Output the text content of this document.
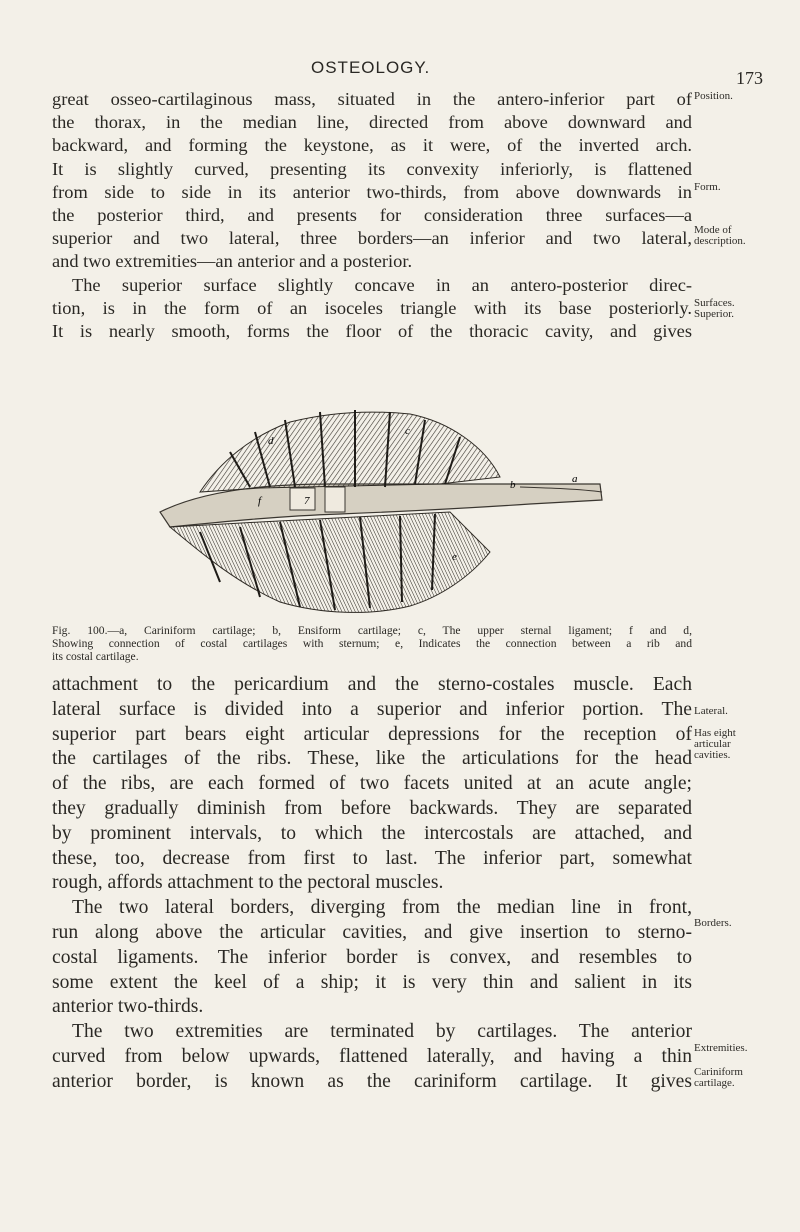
OSTEOLOGY.
173
great osseo-cartilaginous mass, situated in the antero-inferior part of
the thorax, in the median line, directed from above downward and
backward, and forming the keystone, as it were, of the inverted arch.
It is slightly curved, presenting its convexity inferiorly, is flattened
from side to side in its anterior two-thirds, from above downwards in
the posterior third, and presents for consideration three surfaces—a
superior and two lateral, three borders—an inferior and two lateral,
and two extremities—an anterior and a posterior.
The superior surface slightly concave in an antero-posterior direc-
tion, is in the form of an isoceles triangle with its base posteriorly.
It is nearly smooth, forms the floor of the thoracic cavity, and gives
Position.
Form.
Mode of
description.
Surfaces.
Superior.
a
b
c
d
e
f	7
Fig. 100.—a, Cariniform cartilage; b, Ensiform cartilage; c, The upper sternal ligament; f and d,
Showing connection of costal cartilages with sternum; e, Indicates the connection between a rib and
its costal cartilage.
attachment to the pericardium and the sterno-costales muscle. Each
lateral surface is divided into a superior and inferior portion. The
superior part bears eight articular depressions for the reception of
the cartilages of the ribs. These, like the articulations for the head
of the ribs, are each formed of two facets united at an acute angle;
they gradually diminish from before backwards. They are separated
by prominent intervals, to which the intercostals are attached, and
these, too, decrease from first to last. The inferior part, somewhat
rough, affords attachment to the pectoral muscles.
The two lateral borders, diverging from the median line in front,
run along above the articular cavities, and give insertion to sterno-
costal ligaments. The inferior border is convex, and resembles to
some extent the keel of a ship; it is very thin and salient in its
anterior two-thirds.
The two extremities are terminated by cartilages. The anterior
curved from below upwards, flattened laterally, and having a thin
anterior border, is known as the cariniform cartilage. It gives
Lateral.
Has eight
articular
cavities.
Borders.
Extremities.
Cariniform
cartilage.
